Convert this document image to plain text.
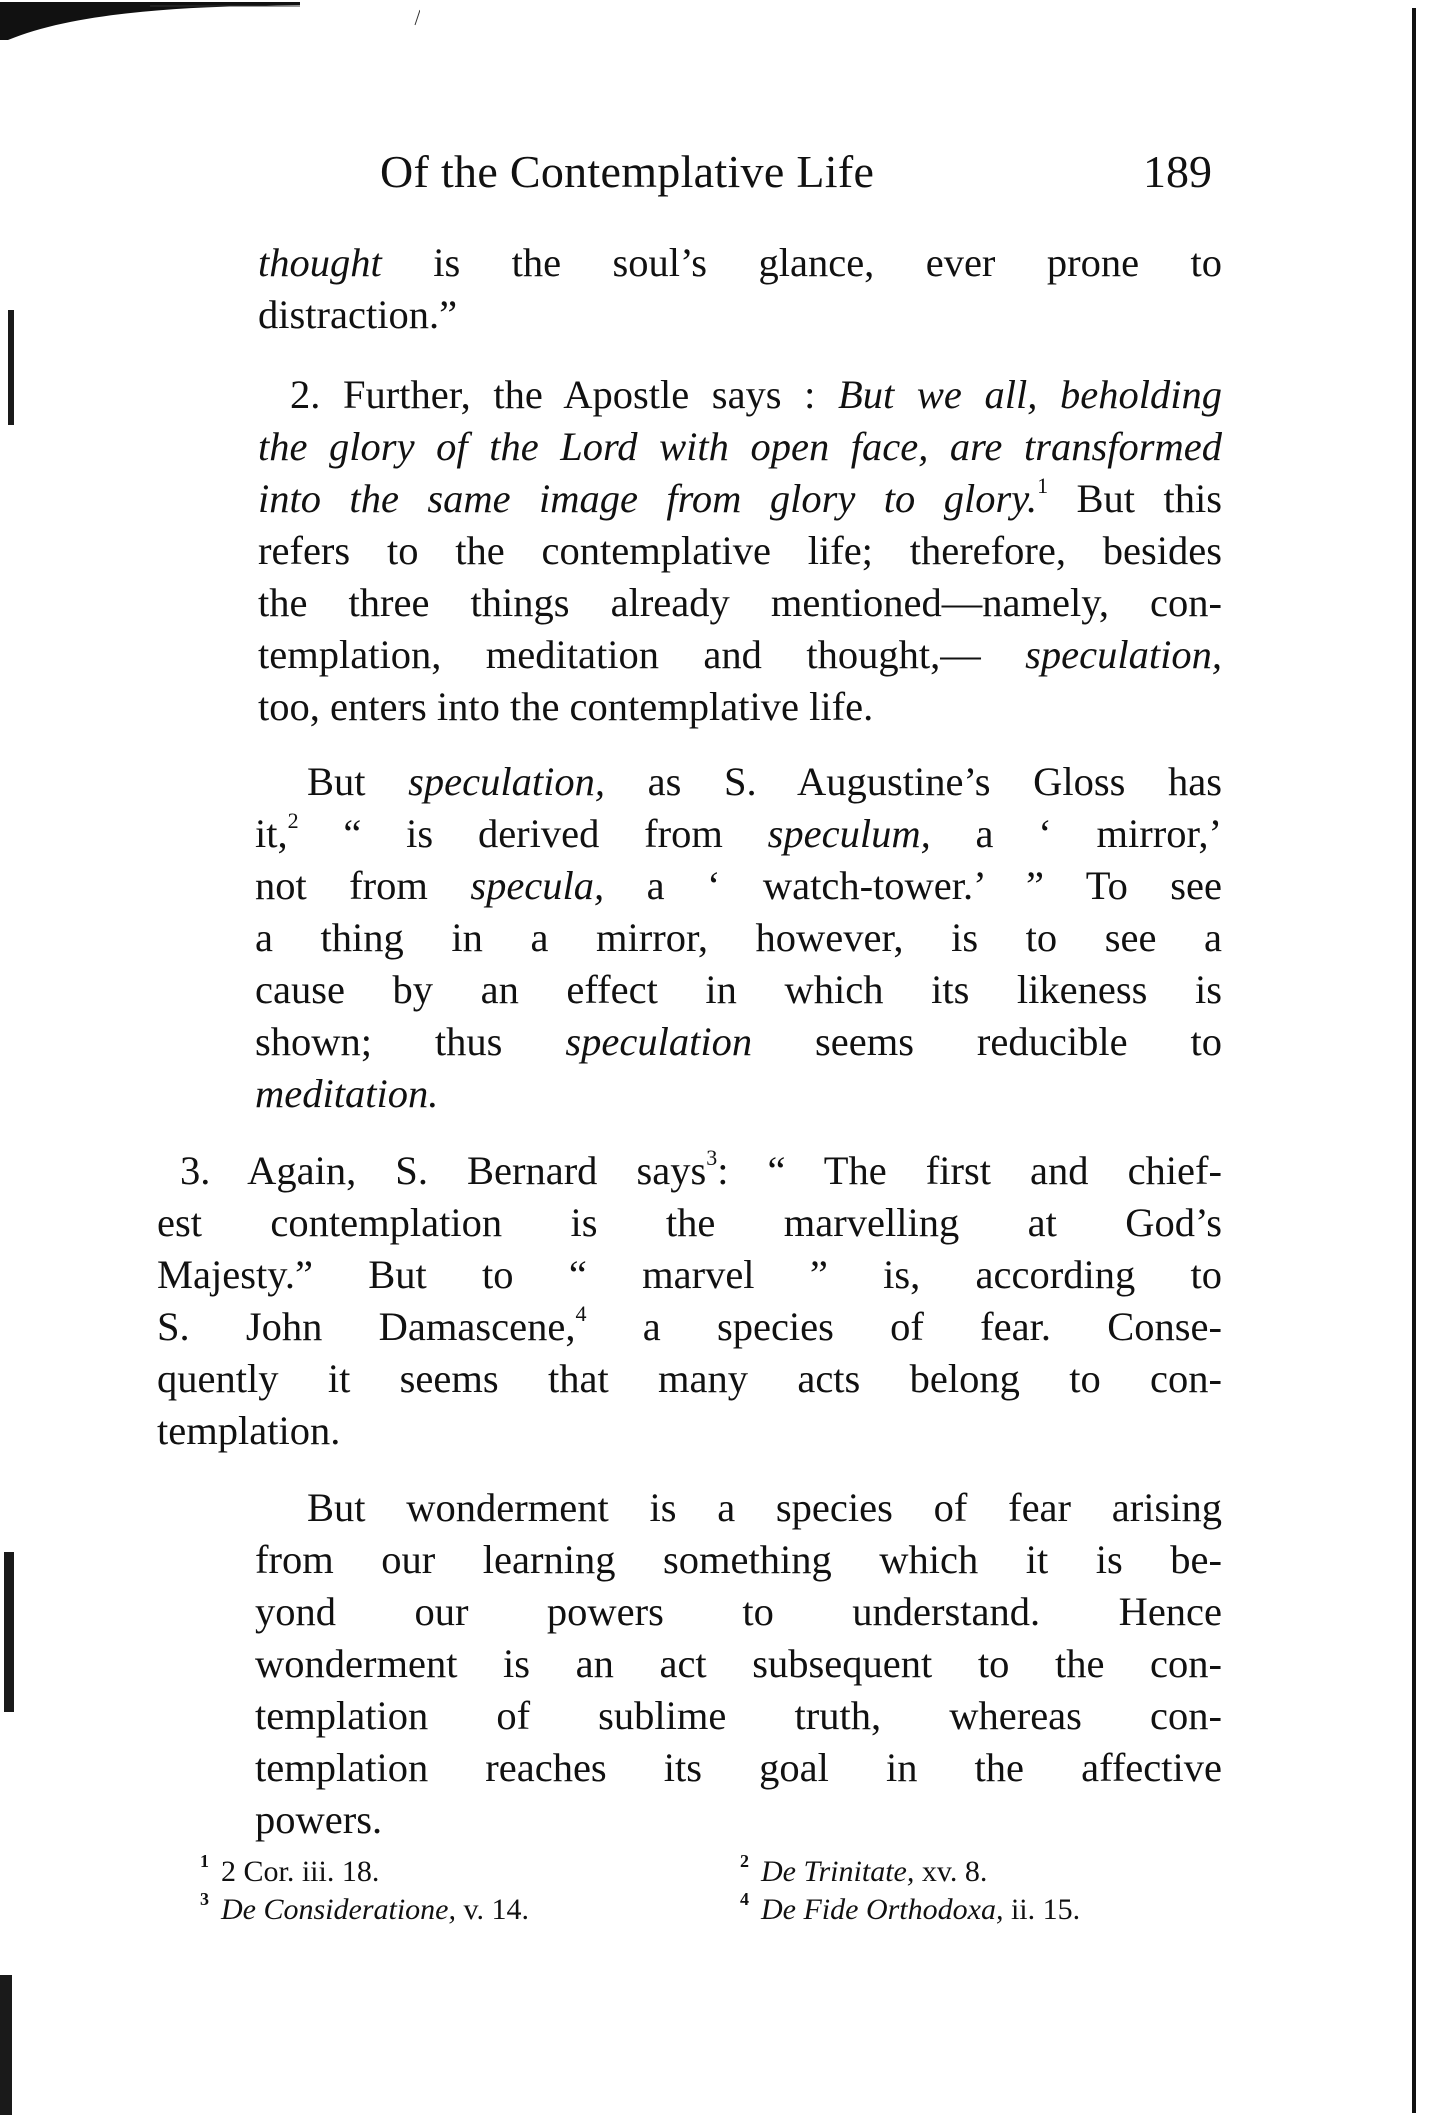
Of the Contemplative Life	189
thought is the soul’s glance, ever prone to
distraction.”
2. Further, the Apostle says : But we all, beholding
the glory of the Lord with open face, are transformed
into the same image from glory to glory.$^1$ But this
refers to the contemplative life; therefore, besides
the three things already mentioned—namely, con-
templation, meditation and thought,— speculation,
too, enters into the contemplative life.
But speculation, as S. Augustine’s Gloss has
it,$^2$ “ is derived from speculum, a ‘ mirror,’
not from specula, a ‘ watch-tower.’ ” To see
a thing in a mirror, however, is to see a
cause by an effect in which its likeness is
shown; thus speculation seems reducible to
meditation.
3. Again, S. Bernard says$^3$: “ The first and chief-
est contemplation is the marvelling at God’s
Majesty.” But to “ marvel ” is, according to
S. John Damascene,$^4$ a species of fear. Conse-
quently it seems that many acts belong to con-
templation.
But wonderment is a species of fear arising
from our learning something which it is be-
yond our powers to understand. Hence
wonderment is an act subsequent to the con-
templation of sublime truth, whereas con-
templation reaches its goal in the affective
powers.
$^1$ 2 Cor. iii. 18.	$^2$ De Trinitate, xv. 8.
$^3$ De Consideratione, v. 14.	$^4$ De Fide Orthodoxa, ii. 15.
